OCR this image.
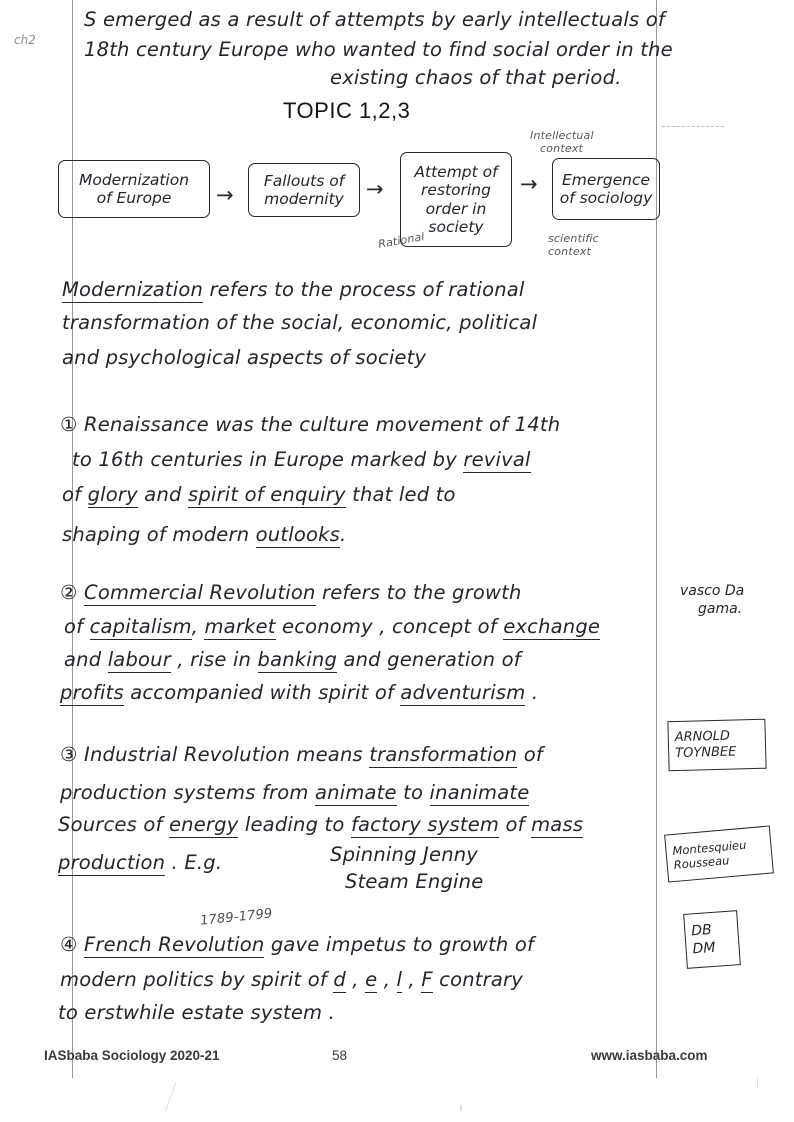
ch2
S emerged as a result of attempts by early intellectuals of
18th century Europe who wanted to find social order in the
existing chaos of that period.
TOPIC 1,2,3
Modernization
of Europe →
Fallouts of
modernity →
Attempt of
restoring
order in
society
→ Emergence
of sociology
Rational
Intellectual
context
scientific
context
Modernization refers to the process of rational
transformation of the social, economic, political
and psychological aspects of society
① Renaissance was the culture movement of 14th
to 16th centuries in Europe marked by revival
of glory and spirit of enquiry that led to
shaping of modern outlooks.
② Commercial Revolution refers to the growth
of capitalism, market economy , concept of exchange
and labour , rise in banking and generation of
profits accompanied with spirit of adventurism .
③ Industrial Revolution means transformation of
production systems from animate to inanimate
Sources of energy leading to factory system of mass
production . E.g.	Spinning Jenny
Steam Engine
④
1789-1799
French Revolution gave impetus to growth of
modern politics by spirit of d , e , l , F contrary
to erstwhile estate system .
vasco Da
gama.
ARNOLD
TOYNBEE
Montesquieu
Rousseau
DB
DM
IASbaba Sociology 2020-21	58	www.iasbaba.com
